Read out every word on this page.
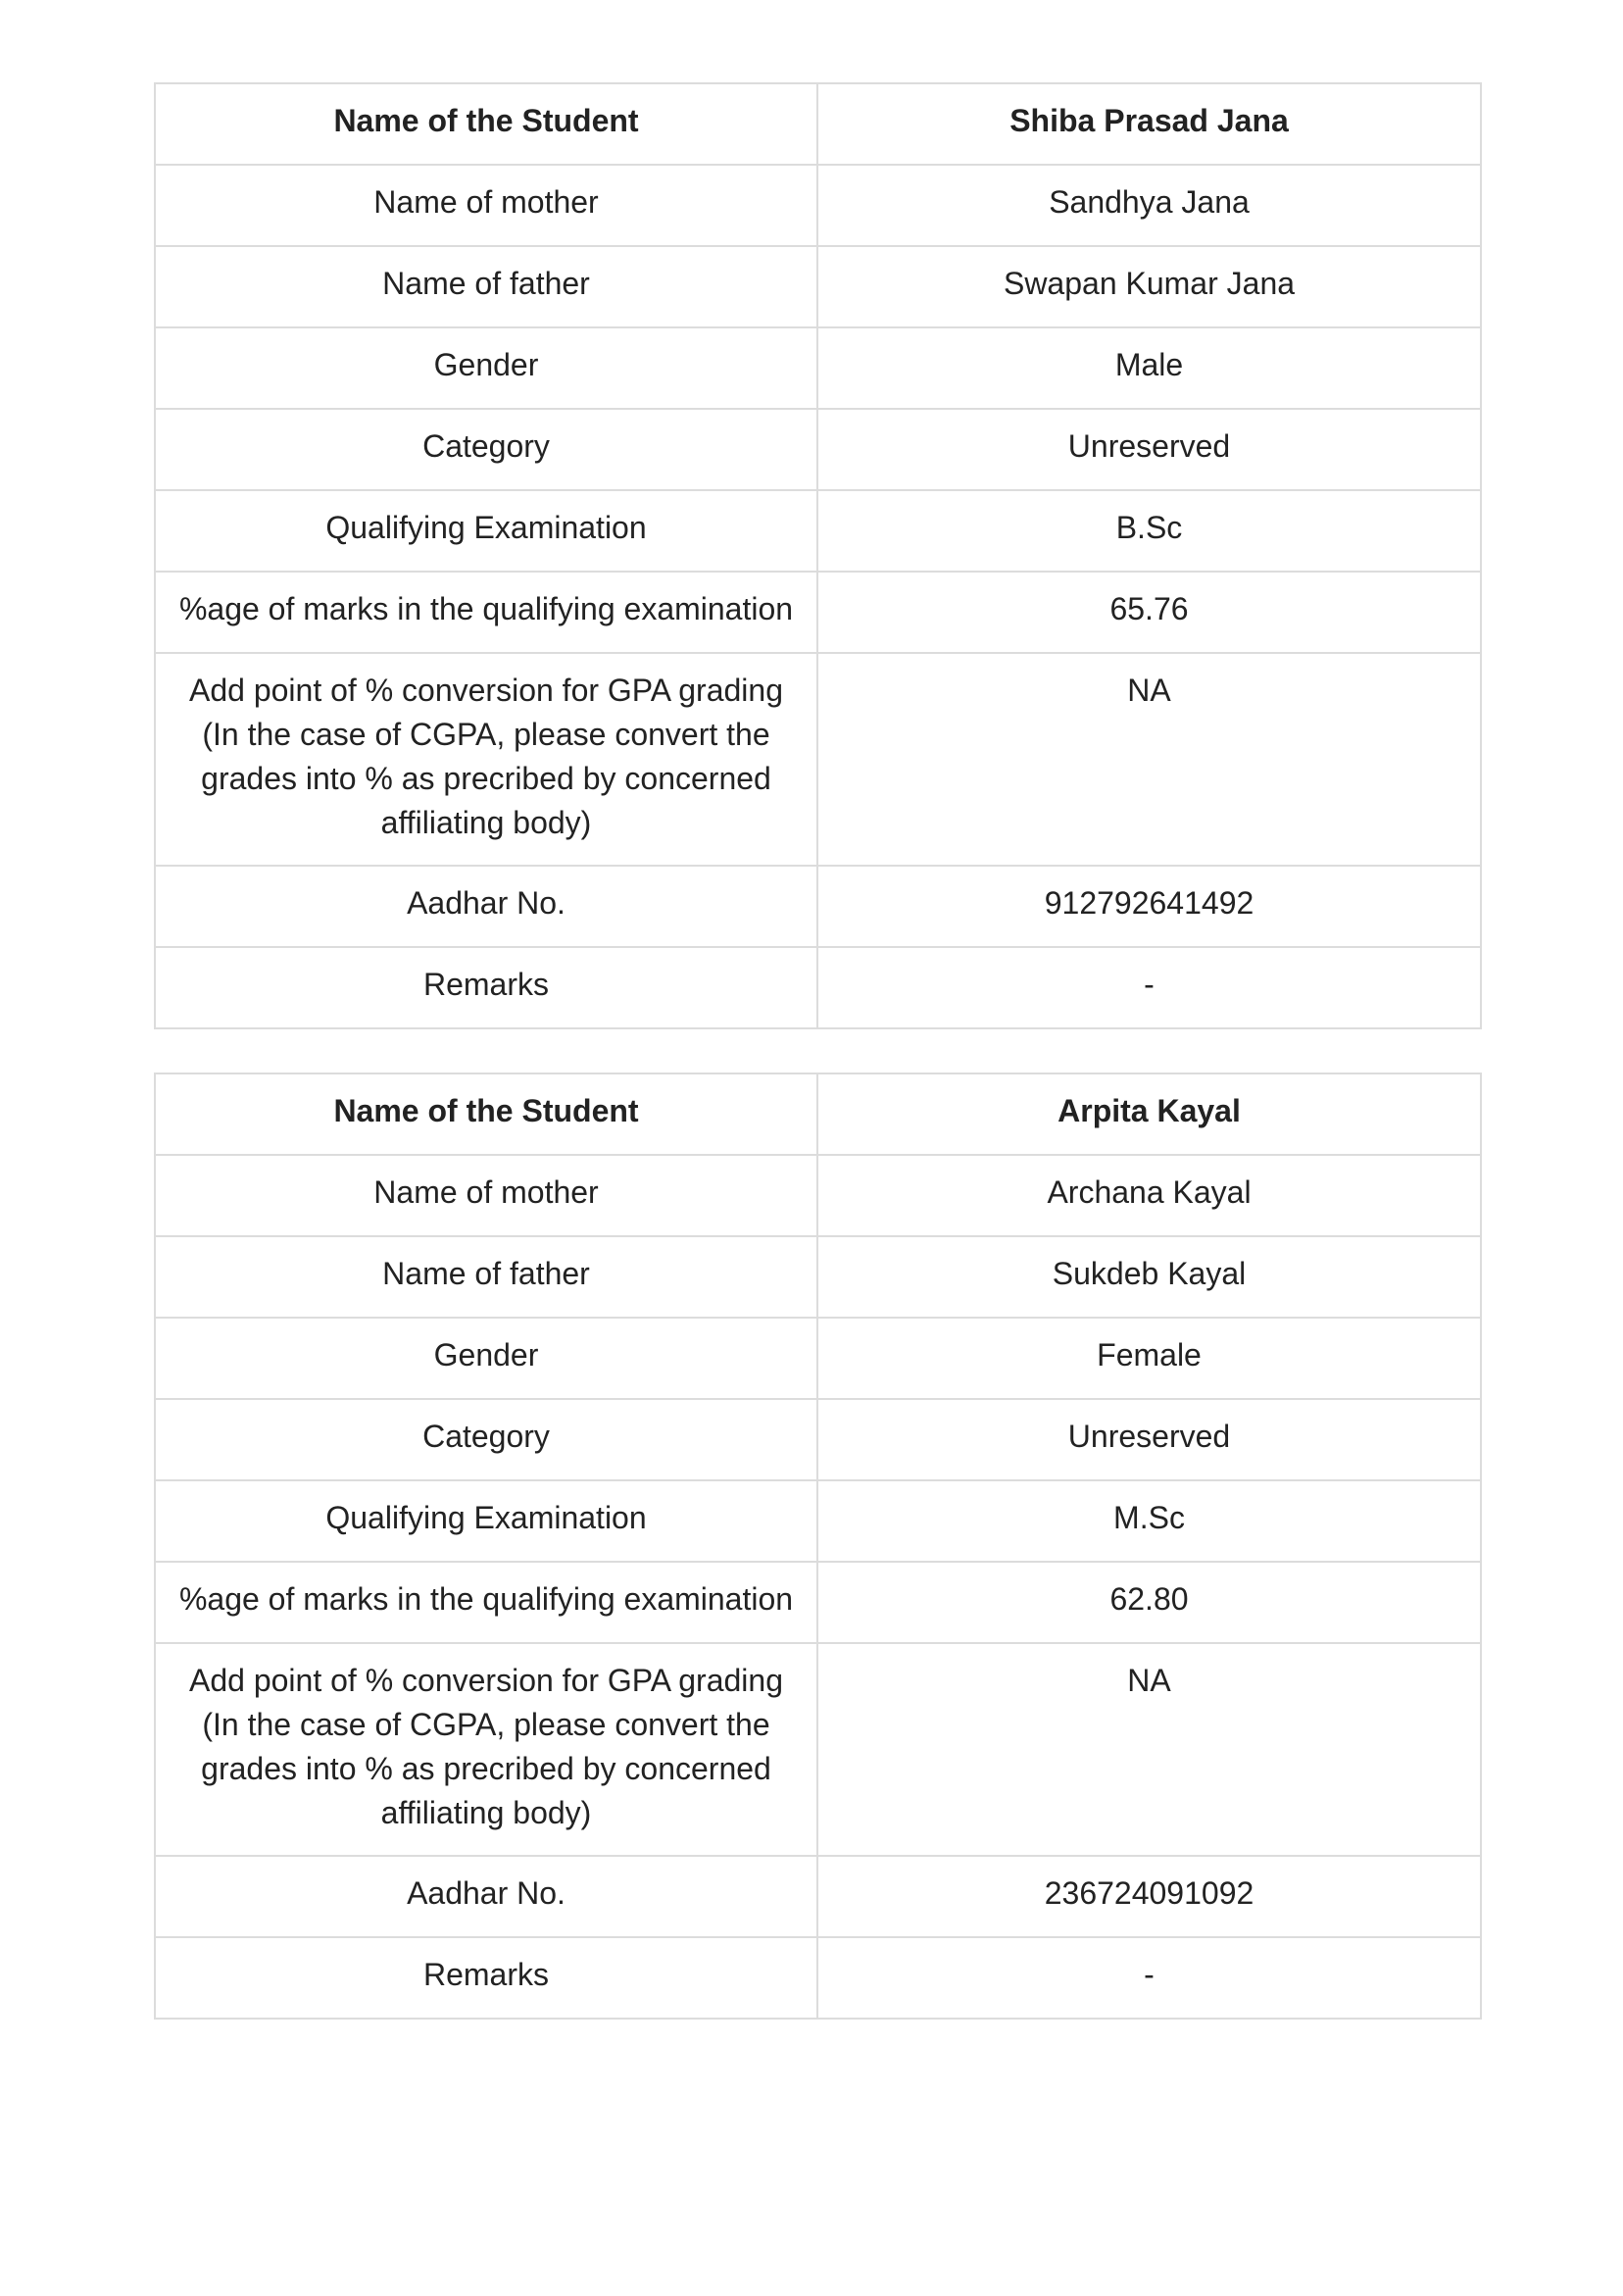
Name of the Student	Shiba Prasad Jana
Name of mother	Sandhya Jana
Name of father	Swapan Kumar Jana
Gender	Male
Category	Unreserved
Qualifying Examination	B.Sc
%age of marks in the qualifying examination	65.76
Add point of % conversion for GPA grading (In the case of CGPA, please convert the grades into % as precribed by concerned affiliating body)	NA
Aadhar No.	912792641492
Remarks	-
Name of the Student	Arpita Kayal
Name of mother	Archana Kayal
Name of father	Sukdeb Kayal
Gender	Female
Category	Unreserved
Qualifying Examination	M.Sc
%age of marks in the qualifying examination	62.80
Add point of % conversion for GPA grading (In the case of CGPA, please convert the grades into % as precribed by concerned affiliating body)	NA
Aadhar No.	236724091092
Remarks	-
